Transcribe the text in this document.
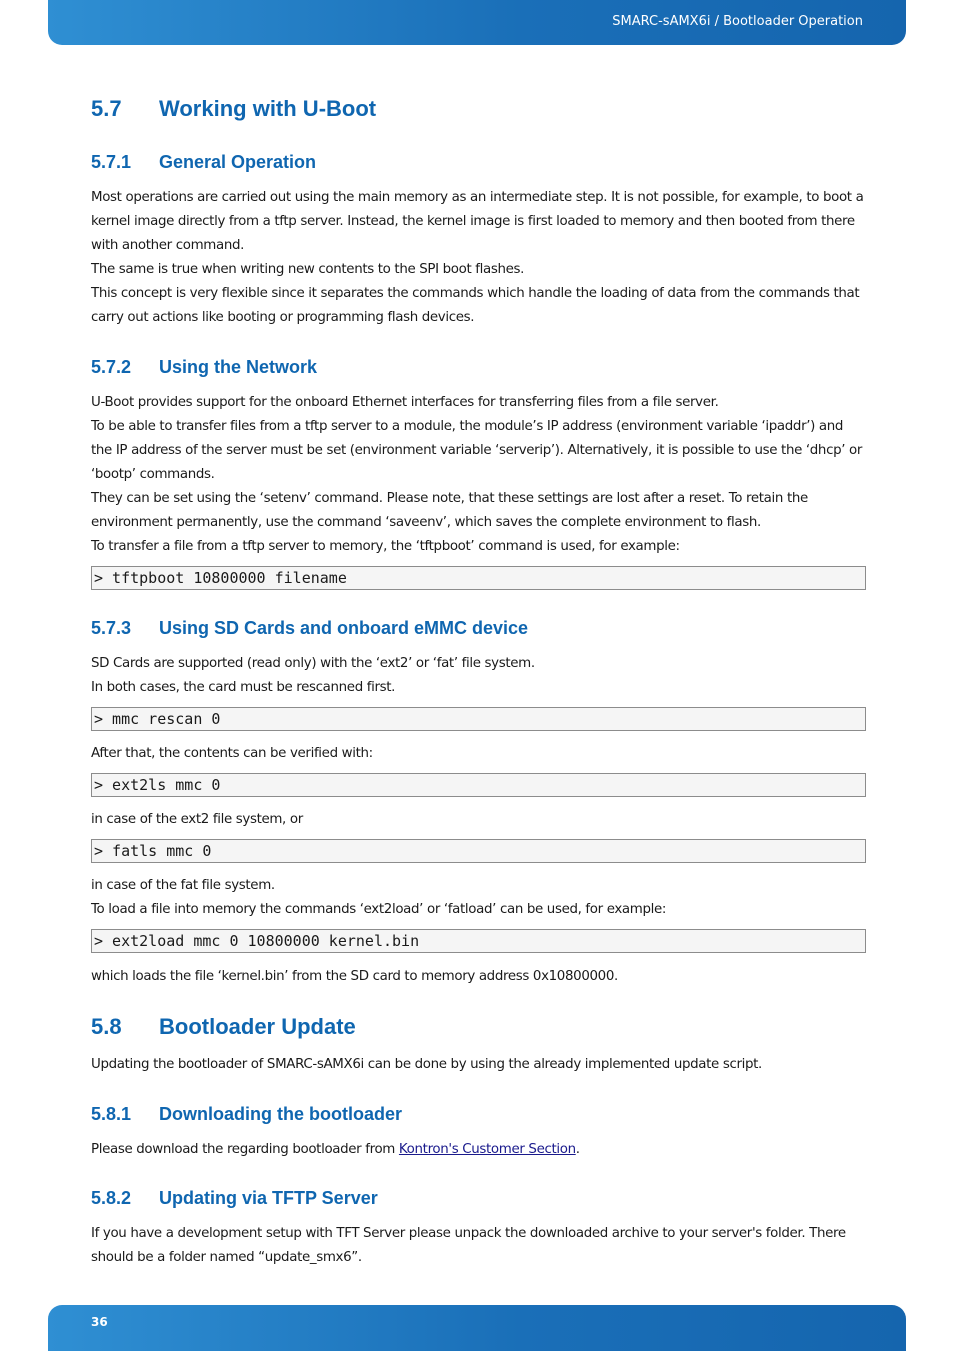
SMARC-sAMX6i / Bootloader Operation
5.7 Working with U-Boot
5.7.1 General Operation
Most operations are carried out using the main memory as an intermediate step. It is not possible, for example, to boot a
kernel image directly from a tftp server. Instead, the kernel image is first loaded to memory and then booted from there
with another command.
The same is true when writing new contents to the SPI boot flashes.
This concept is very flexible since it separates the commands which handle the loading of data from the commands that
carry out actions like booting or programming flash devices.
5.7.2 Using the Network
U-Boot provides support for the onboard Ethernet interfaces for transferring files from a file server.
To be able to transfer files from a tftp server to a module, the module’s IP address (environment variable ‘ipaddr’) and
the IP address of the server must be set (environment variable ‘serverip’). Alternatively, it is possible to use the ‘dhcp’ or
‘bootp’ commands.
They can be set using the ‘setenv’ command. Please note, that these settings are lost after a reset. To retain the
environment permanently, use the command ‘saveenv’, which saves the complete environment to flash.
To transfer a file from a tftp server to memory, the ‘tftpboot’ command is used, for example:
> tftpboot 10800000 filename
5.7.3 Using SD Cards and onboard eMMC device
SD Cards are supported (read only) with the ‘ext2’ or ‘fat’ file system.
In both cases, the card must be rescanned first.
> mmc rescan 0
After that, the contents can be verified with:
> ext2ls mmc 0
in case of the ext2 file system, or
> fatls mmc 0
in case of the fat file system.
To load a file into memory the commands ‘ext2load’ or ‘fatload’ can be used, for example:
> ext2load mmc 0 10800000 kernel.bin
which loads the file ‘kernel.bin’ from the SD card to memory address 0x10800000.
5.8 Bootloader Update
Updating the bootloader of SMARC-sAMX6i can be done by using the already implemented update script.
5.8.1 Downloading the bootloader
Please download the regarding bootloader from Kontron's Customer Section.
5.8.2 Updating via TFTP Server
If you have a development setup with TFT Server please unpack the downloaded archive to your server's folder. There
should be a folder named “update_smx6”.
36
